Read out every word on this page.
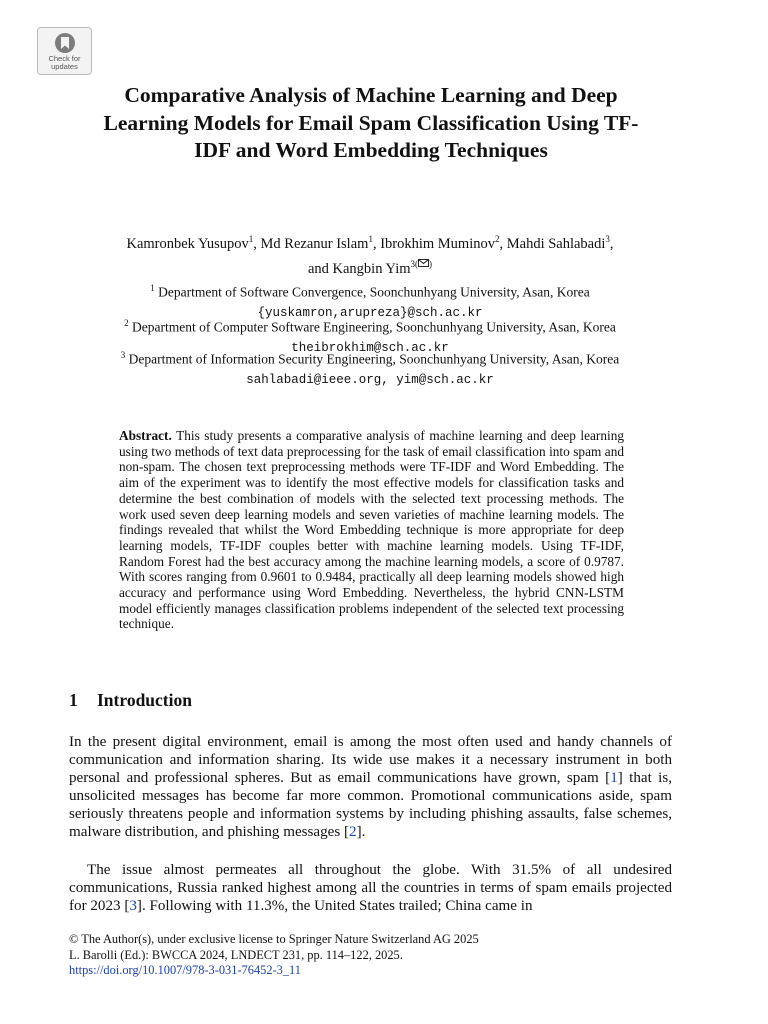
Check for
updates
Comparative Analysis of Machine Learning and Deep Learning Models for Email Spam Classification Using TF-IDF and Word Embedding Techniques
Kamronbek Yusupov$^1$, Md Rezanur Islam$^1$, Ibrokhim Muminov$^2$, Mahdi Sahlabadi$^3$,
and Kangbin Yim$^{3( )}$
$^1$ Department of Software Convergence, Soonchunhyang University, Asan, Korea
{yuskamron,arupreza}@sch.ac.kr
$^2$ Department of Computer Software Engineering, Soonchunhyang University, Asan, Korea
theibrokhim@sch.ac.kr
$^3$ Department of Information Security Engineering, Soonchunhyang University, Asan, Korea
sahlabadi@ieee.org, yim@sch.ac.kr

Abstract. This study presents a comparative analysis of machine learning and deep learning using two methods of text data preprocessing for the task of email classification into spam and non-spam. The chosen text preprocessing methods were TF-IDF and Word Embedding. The aim of the experiment was to identify the most effective models for classification tasks and determine the best combination of models with the selected text processing methods. The work used seven deep learning models and seven varieties of machine learning models. The findings revealed that whilst the Word Embedding technique is more appropriate for deep learning models, TF-IDF couples better with machine learning models. Using TF-IDF, Random Forest had the best accuracy among the machine learning models, a score of 0.9787. With scores ranging from 0.9601 to 0.9484, practically all deep learning models showed high accuracy and performance using Word Embedding. Nevertheless, the hybrid CNN-LSTM model efficiently manages classification problems independent of the selected text processing technique.

1 Introduction

In the present digital environment, email is among the most often used and handy channels of communication and information sharing. Its wide use makes it a necessary instrument in both personal and professional spheres. But as email communications have grown, spam [1] that is, unsolicited messages has become far more common. Promotional communications aside, spam seriously threatens people and information systems by including phishing assaults, false schemes, malware distribution, and phishing messages [2].

The issue almost permeates all throughout the globe. With 31.5% of all undesired communications, Russia ranked highest among all the countries in terms of spam emails projected for 2023 [3]. Following with 11.3%, the United States trailed; China came in

© The Author(s), under exclusive license to Springer Nature Switzerland AG 2025
L. Barolli (Ed.): BWCCA 2024, LNDECT 231, pp. 114–122, 2025.
https://doi.org/10.1007/978-3-031-76452-3_11
